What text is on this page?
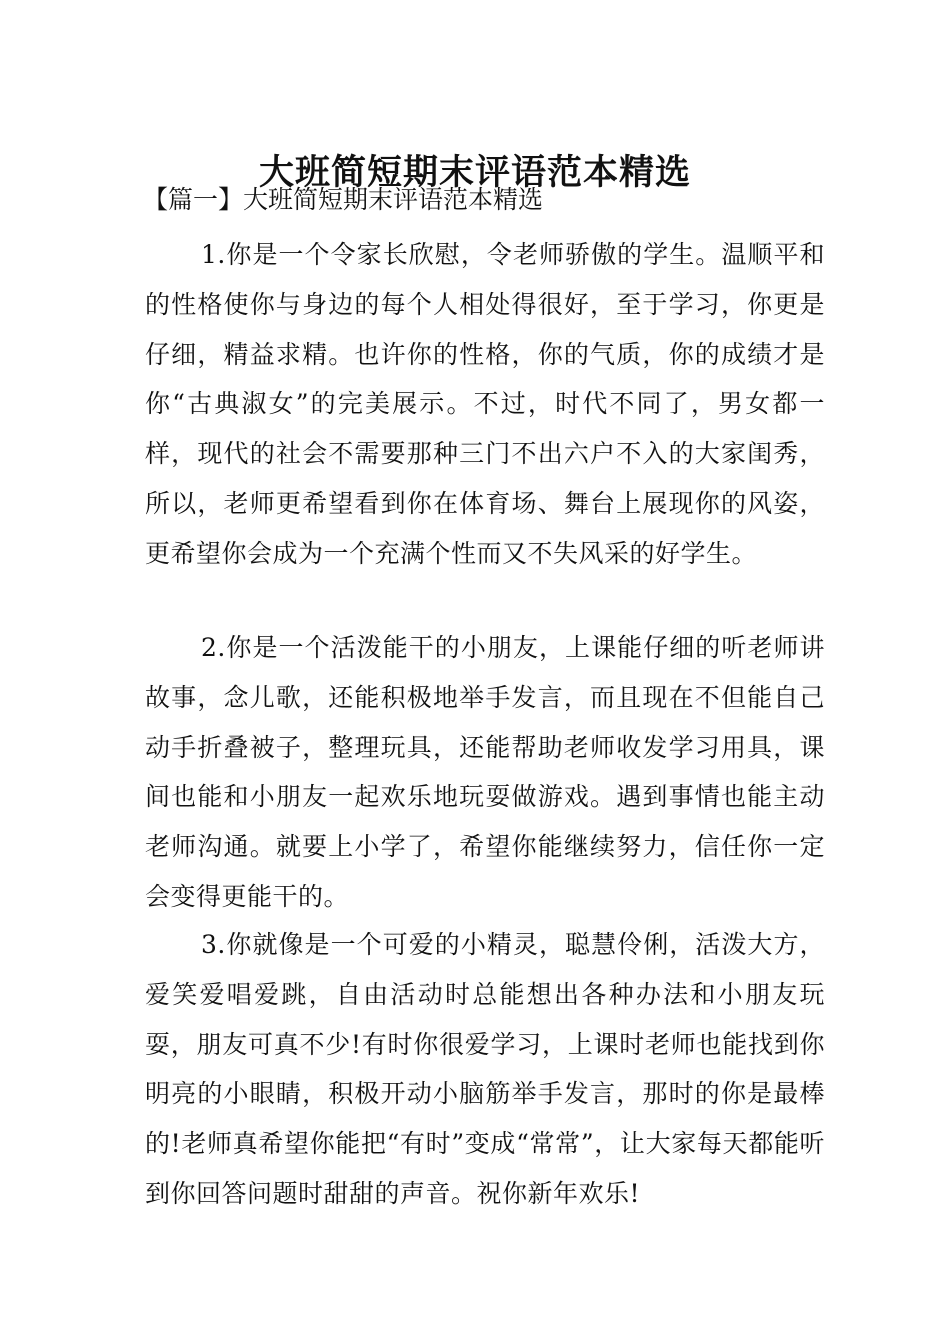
大班简短期末评语范本精选
【篇一】大班简短期末评语范本精选

1.你是一个令家长欣慰，令老师骄傲的学生。温顺平和的性格使你与身边的每个人相处得很好，至于学习，你更是仔细，精益求精。也许你的性格，你的气质，你的成绩才是你“古典淑女”的完美展示。不过，时代不同了，男女都一样，现代的社会不需要那种三门不出六户不入的大家闺秀，所以，老师更希望看到你在体育场、舞台上展现你的风姿，更希望你会成为一个充满个性而又不失风采的好学生。

2.你是一个活泼能干的小朋友，上课能仔细的听老师讲故事，念儿歌，还能积极地举手发言，而且现在不但能自己动手折叠被子，整理玩具，还能帮助老师收发学习用具，课间也能和小朋友一起欢乐地玩耍做游戏。遇到事情也能主动老师沟通。就要上小学了，希望你能继续努力，信任你一定会变得更能干的。

3.你就像是一个可爱的小精灵，聪慧伶俐，活泼大方，爱笑爱唱爱跳，自由活动时总能想出各种办法和小朋友玩耍，朋友可真不少!有时你很爱学习，上课时老师也能找到你明亮的小眼睛，积极开动小脑筋举手发言，那时的你是最棒的!老师真希望你能把“有时”变成“常常”，让大家每天都能听到你回答问题时甜甜的声音。祝你新年欢乐!
